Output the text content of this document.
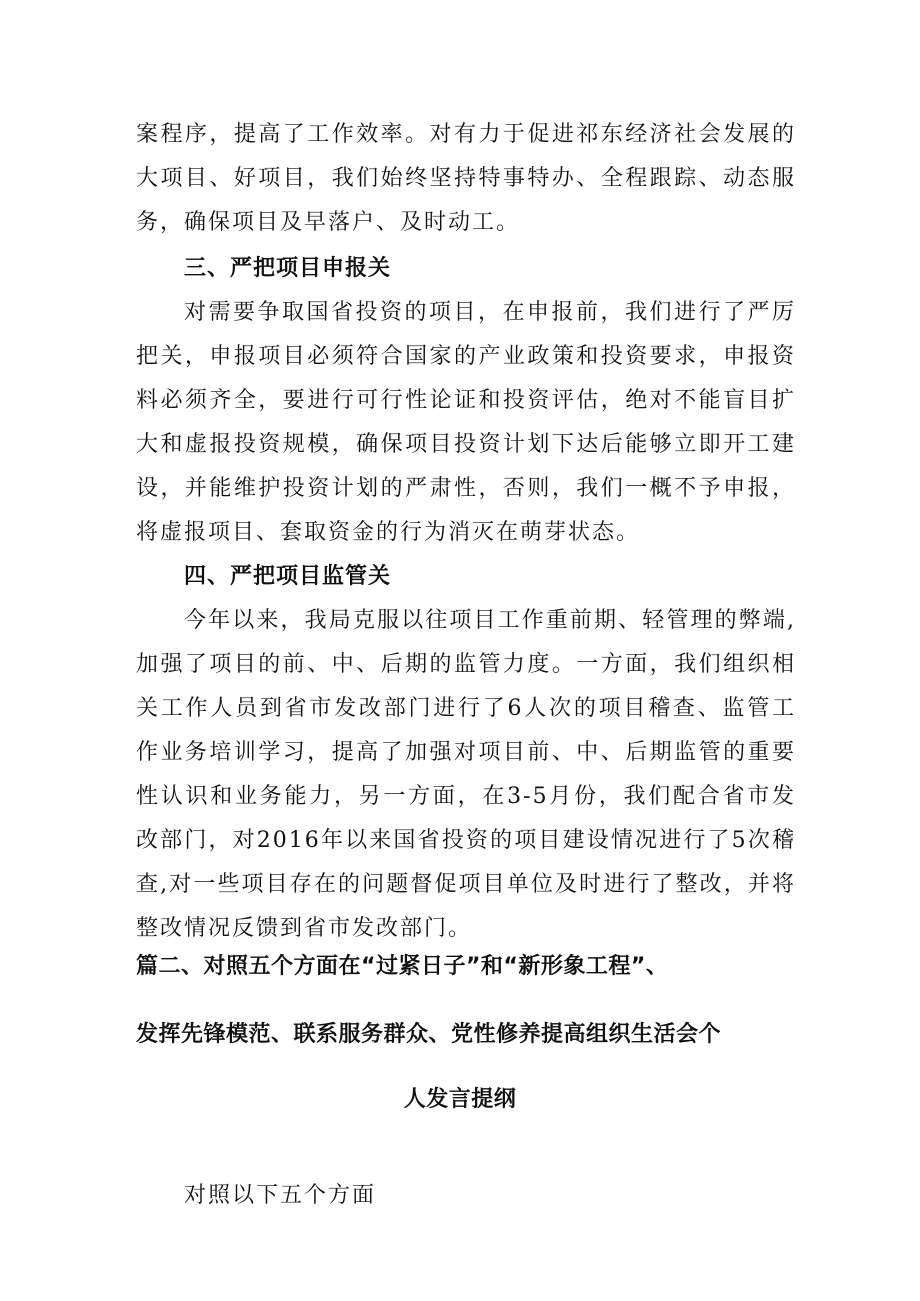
案程序，提高了工作效率。对有力于促进祁东经济社会发展的大项目、好项目，我们始终坚持特事特办、全程跟踪、动态服务，确保项目及早落户、及时动工。

三、严把项目申报关

对需要争取国省投资的项目，在申报前，我们进行了严厉把关，申报项目必须符合国家的产业政策和投资要求，申报资料必须齐全，要进行可行性论证和投资评估，绝对不能盲目扩大和虚报投资规模，确保项目投资计划下达后能够立即开工建设，并能维护投资计划的严肃性，否则，我们一概不予申报，将虚报项目、套取资金的行为消灭在萌芽状态。

四、严把项目监管关

今年以来，我局克服以往项目工作重前期、轻管理的弊端,加强了项目的前、中、后期的监管力度。一方面，我们组织相关工作人员到省市发改部门进行了6人次的项目稽查、监管工作业务培训学习，提高了加强对项目前、中、后期监管的重要性认识和业务能力，另一方面，在3-5月份，我们配合省市发改部门，对2016年以来国省投资的项目建设情况进行了5次稽查,对一些项目存在的问题督促项目单位及时进行了整改，并将整改情况反馈到省市发改部门。

篇二、对照五个方面在“过紧日子”和“新形象工程”、

发挥先锋模范、联系服务群众、党性修养提高组织生活会个

人发言提纲

对照以下五个方面
